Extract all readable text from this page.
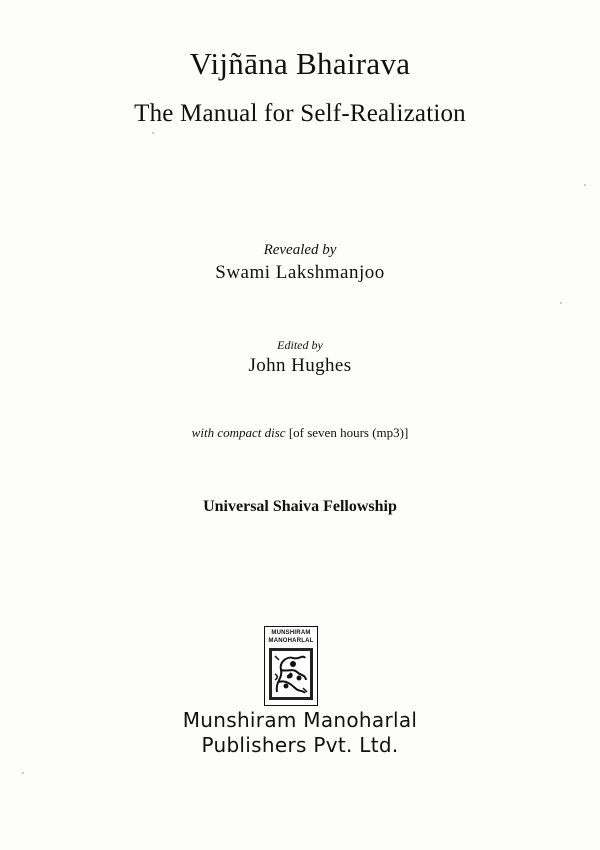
Vijñāna Bhairava
The Manual for Self-Realization
Revealed by
Swami Lakshmanjoo
Edited by
John Hughes
with compact disc [of seven hours (mp3)]
Universal Shaiva Fellowship
MUNSHIRAM
MANOHARLAL
Munshiram Manoharlal
Publishers Pvt. Ltd.
